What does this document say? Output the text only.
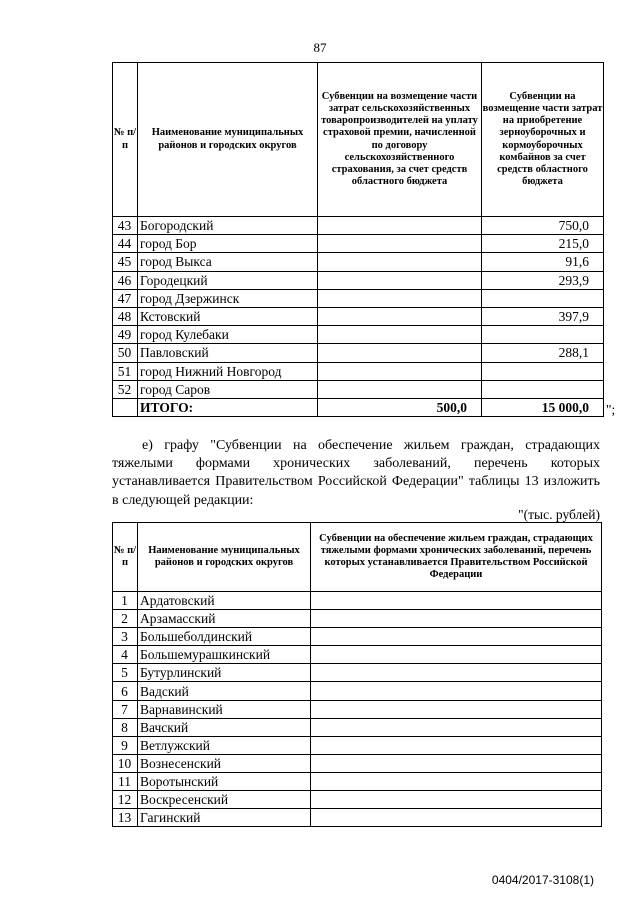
87
№ п/п	Наименование муниципальных районов и городских округов	Субвенции на возмещение части затрат сельскохозяйственных товаропроизводителей на уплату страховой премии, начисленной по договору сельскохозяйственного страхования, за счет средств областного бюджета	Субвенции на возмещение части затрат на приобретение зерноуборочных и кормоуборочных комбайнов за счет средств областного бюджета
43	Богородский		750,0
44	город Бор		215,0
45	город Выкса		91,6
46	Городецкий		293,9
47	город Дзержинск		
48	Кстовский		397,9
49	город Кулебаки		
50	Павловский		288,1
51	город Нижний Новгород		
52	город Саров		
	ИТОГО:	500,0	15 000,0 ";
е) графу "Субвенции на обеспечение жильем граждан, страдающих тяжелыми формами хронических заболеваний, перечень которых устанавливается Правительством Российской Федерации" таблицы 13 изложить в следующей редакции:
"(тыс. рублей)
№ п/п	Наименование муниципальных районов и городских округов	Субвенции на обеспечение жильем граждан, страдающих тяжелыми формами хронических заболеваний, перечень которых устанавливается Правительством Российской Федерации
1	Ардатовский	
2	Арзамасский	
3	Большеболдинский	
4	Большемурашкинский	
5	Бутурлинский	
6	Вадский	
7	Варнавинский	
8	Вачский	
9	Ветлужский	
10	Вознесенский	
11	Воротынский	
12	Воскресенский	
13	Гагинский	
0404/2017-3108(1)
